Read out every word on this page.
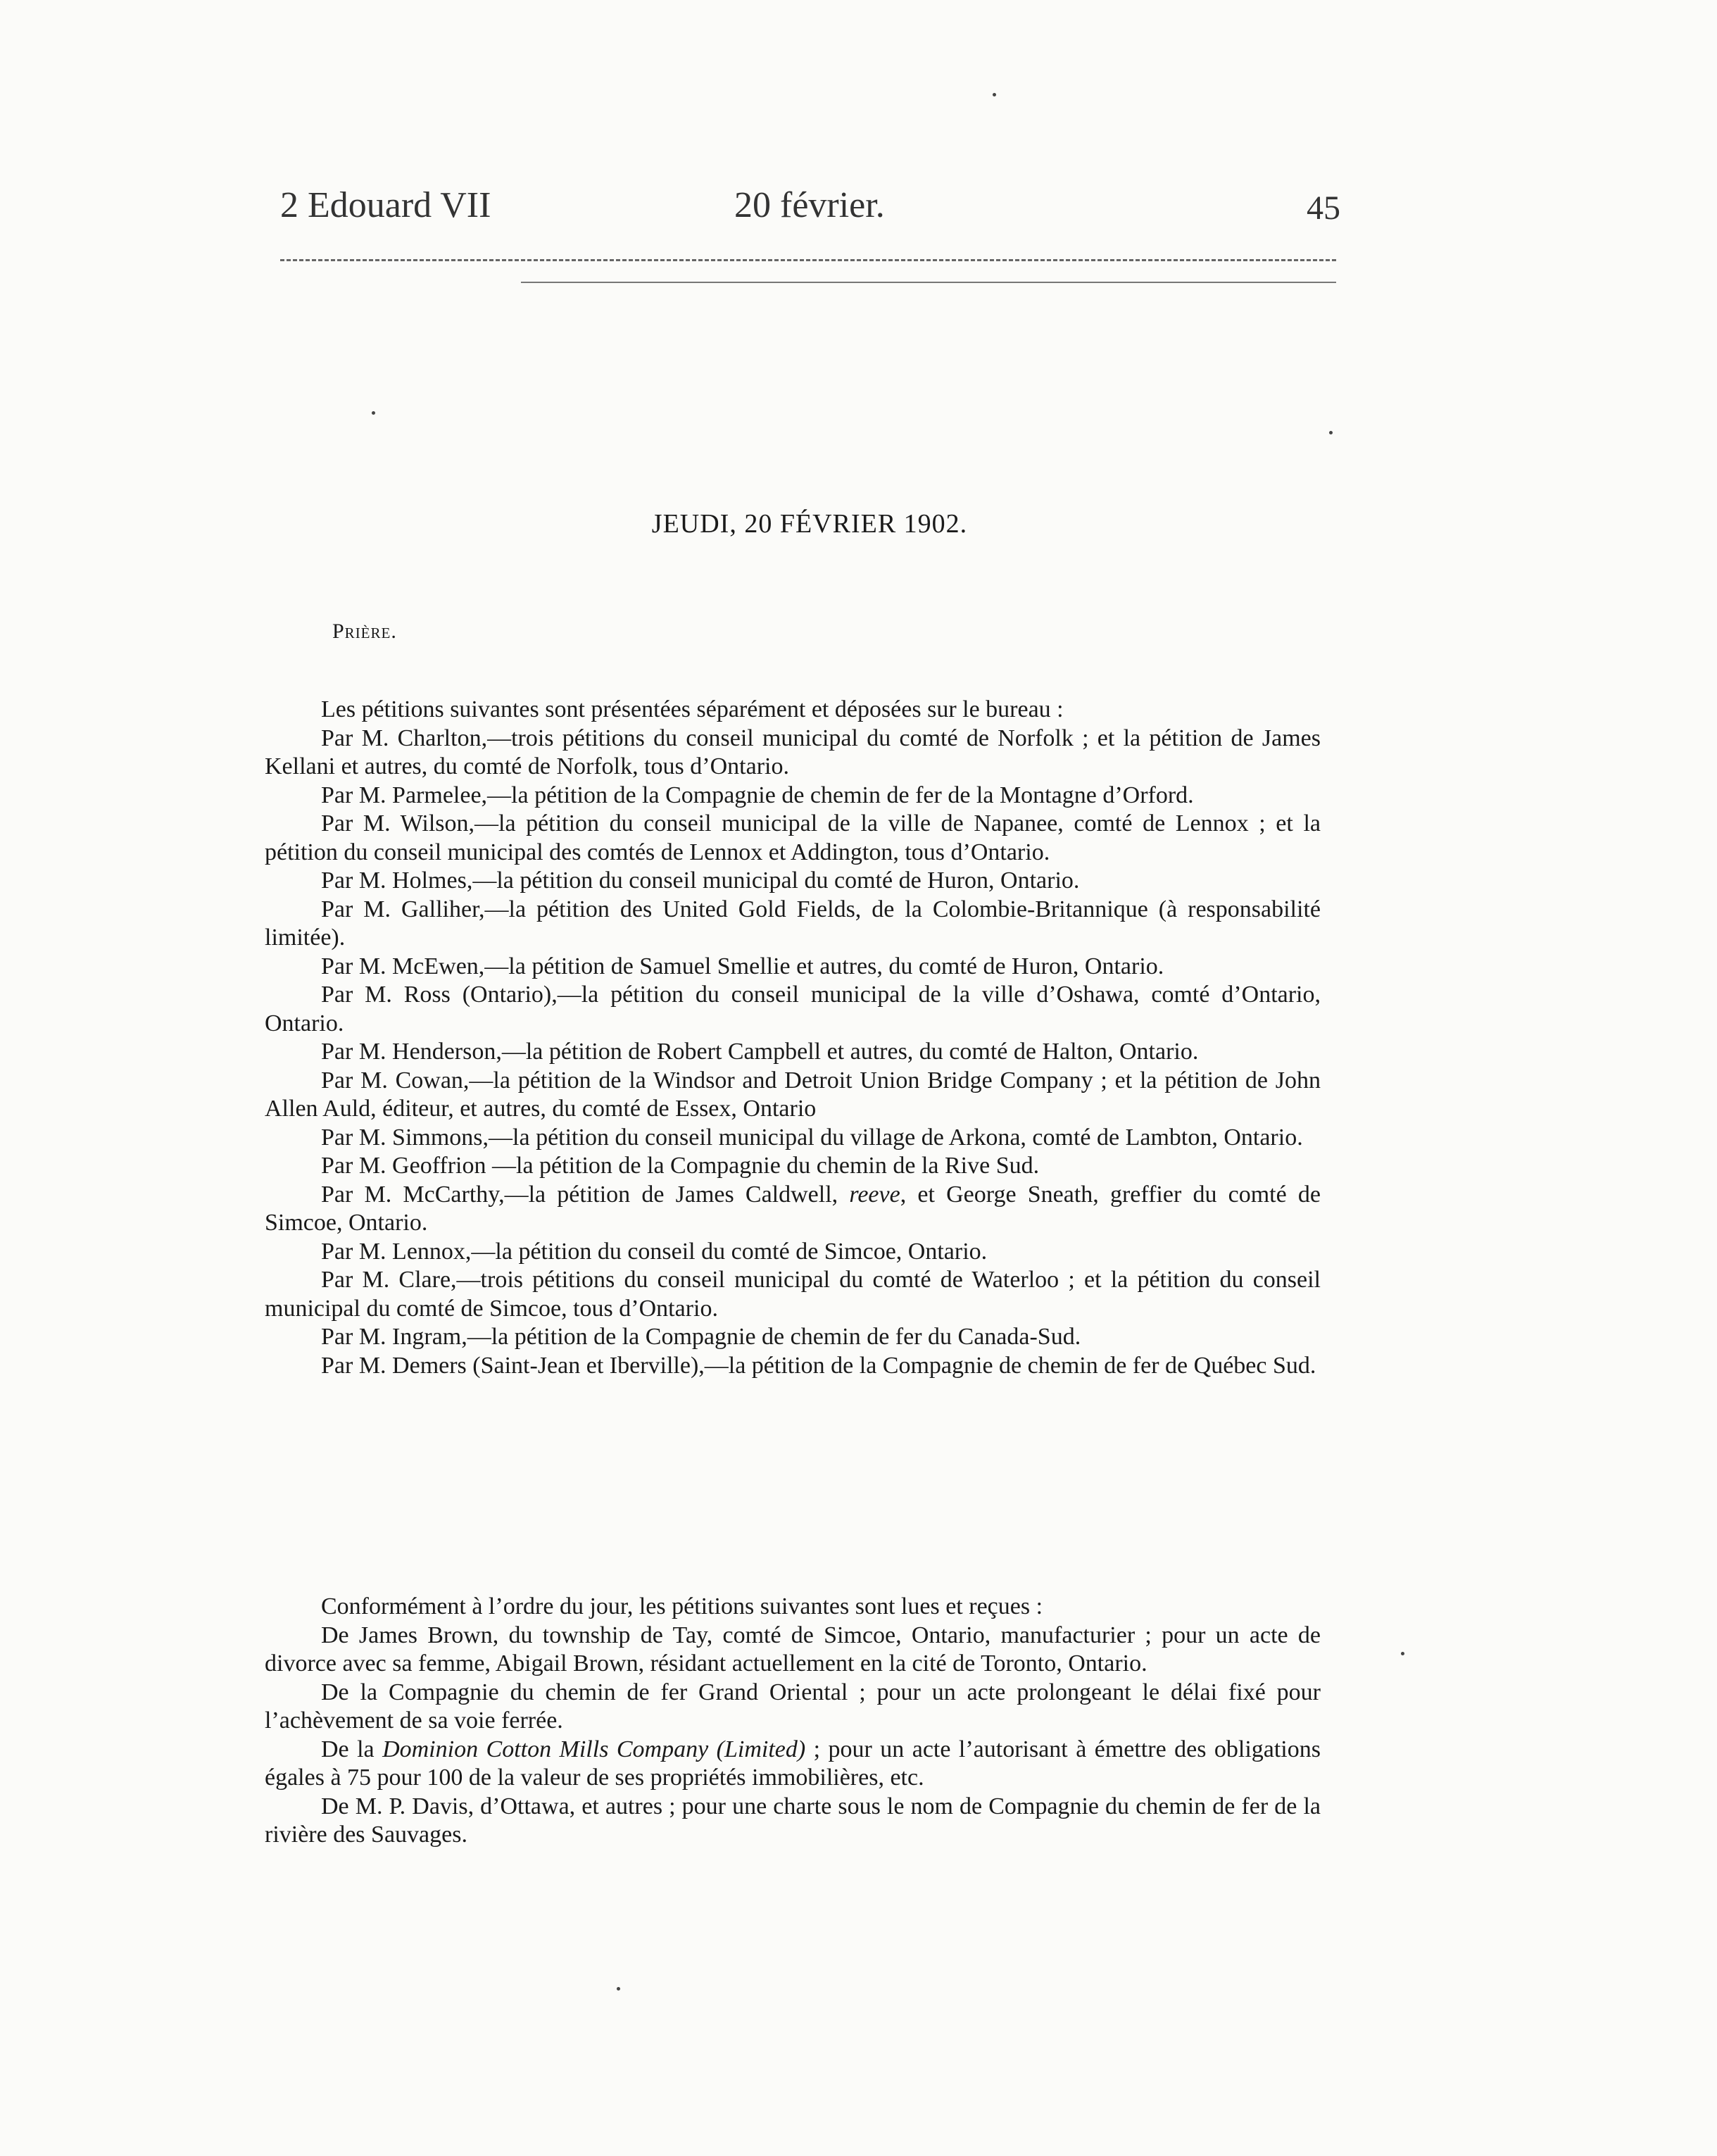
2 Edouard VII	20 février.	45
JEUDI, 20 FÉVRIER 1902.
Prière.

Les pétitions suivantes sont présentées séparément et déposées sur le bureau :

Par M. Charlton,—trois pétitions du conseil municipal du comté de Norfolk ; et la pétition de James Kellani et autres, du comté de Norfolk, tous d’Ontario.

Par M. Parmelee,—la pétition de la Compagnie de chemin de fer de la Montagne d’Orford.

Par M. Wilson,—la pétition du conseil municipal de la ville de Napanee, comté de Lennox ; et la pétition du conseil municipal des comtés de Lennox et Addington, tous d’Ontario.

Par M. Holmes,—la pétition du conseil municipal du comté de Huron, Ontario.

Par M. Galliher,—la pétition des United Gold Fields, de la Colombie-Britannique (à responsabilité limitée).

Par M. McEwen,—la pétition de Samuel Smellie et autres, du comté de Huron, Ontario.

Par M. Ross (Ontario),—la pétition du conseil municipal de la ville d’Oshawa, comté d’Ontario, Ontario.

Par M. Henderson,—la pétition de Robert Campbell et autres, du comté de Halton, Ontario.

Par M. Cowan,—la pétition de la Windsor and Detroit Union Bridge Company ; et la pétition de John Allen Auld, éditeur, et autres, du comté de Essex, Ontario

Par M. Simmons,—la pétition du conseil municipal du village de Arkona, comté de Lambton, Ontario.

Par M. Geoffrion —la pétition de la Compagnie du chemin de la Rive Sud.

Par M. McCarthy,—la pétition de James Caldwell, reeve, et George Sneath, greffier du comté de Simcoe, Ontario.

Par M. Lennox,—la pétition du conseil du comté de Simcoe, Ontario.

Par M. Clare,—trois pétitions du conseil municipal du comté de Waterloo ; et la pétition du conseil municipal du comté de Simcoe, tous d’Ontario.

Par M. Ingram,—la pétition de la Compagnie de chemin de fer du Canada-Sud.

Par M. Demers (Saint-Jean et Iberville),—la pétition de la Compagnie de chemin de fer de Québec Sud.

Conformément à l’ordre du jour, les pétitions suivantes sont lues et reçues :

De James Brown, du township de Tay, comté de Simcoe, Ontario, manufacturier ; pour un acte de divorce avec sa femme, Abigail Brown, résidant actuellement en la cité de Toronto, Ontario.

De la Compagnie du chemin de fer Grand Oriental ; pour un acte prolongeant le délai fixé pour l’achèvement de sa voie ferrée.

De la Dominion Cotton Mills Company (Limited) ; pour un acte l’autorisant à émettre des obligations égales à 75 pour 100 de la valeur de ses propriétés immobilières, etc.

De M. P. Davis, d’Ottawa, et autres ; pour une charte sous le nom de Compagnie du chemin de fer de la rivière des Sauvages.
